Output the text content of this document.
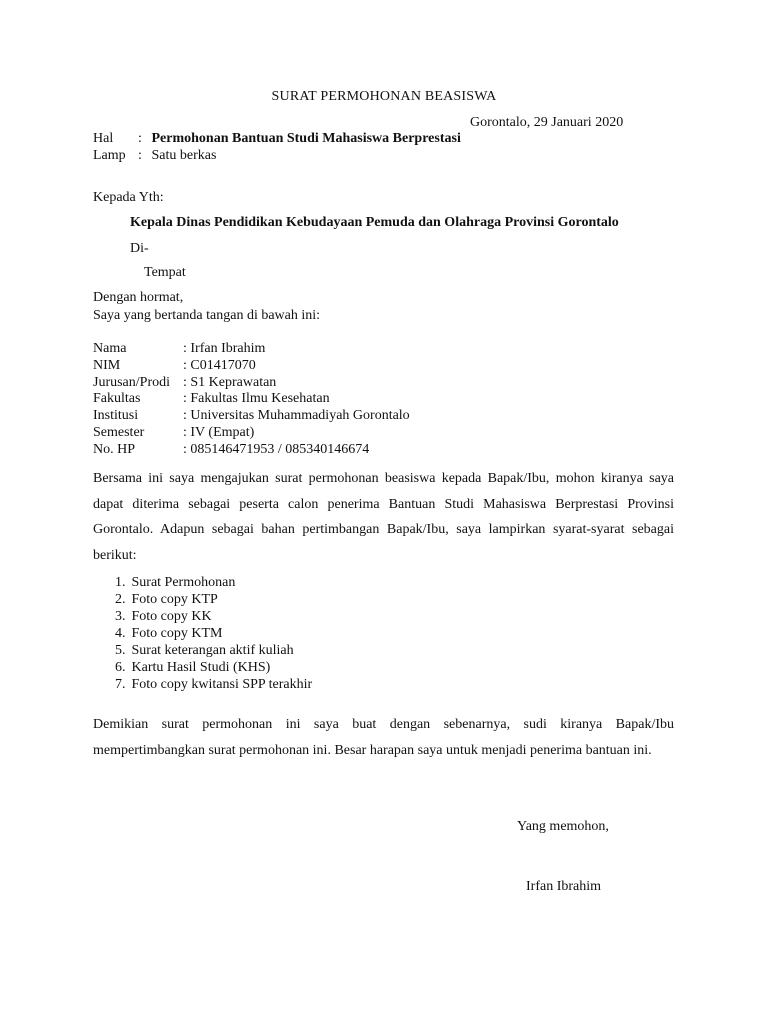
SURAT PERMOHONAN BEASISWA
Gorontalo, 29 Januari 2020
Hal : Permohonan Bantuan Studi Mahasiswa Berprestasi
Lamp : Satu berkas
Kepada Yth:
Kepala Dinas Pendidikan Kebudayaan Pemuda dan Olahraga Provinsi Gorontalo
Di-
Tempat
Dengan hormat,
Saya yang bertanda tangan di bawah ini:
Nama	: Irfan Ibrahim
NIM	: C01417070
Jurusan/Prodi : S1 Keprawatan
Fakultas	: Fakultas Ilmu Kesehatan
Institusi	: Universitas Muhammadiyah Gorontalo
Semester	: IV (Empat)
No. HP	: 085146471953 / 085340146674
Bersama ini saya mengajukan surat permohonan beasiswa kepada Bapak/Ibu, mohon kiranya saya dapat diterima sebagai peserta calon penerima Bantuan Studi Mahasiswa Berprestasi Provinsi Gorontalo. Adapun sebagai bahan pertimbangan Bapak/Ibu, saya lampirkan syarat-syarat sebagai berikut:
1. Surat Permohonan
2. Foto copy KTP
3. Foto copy KK
4. Foto copy KTM
5. Surat keterangan aktif kuliah
6. Kartu Hasil Studi (KHS)
7. Foto copy kwitansi SPP terakhir
Demikian surat permohonan ini saya buat dengan sebenarnya, sudi kiranya Bapak/Ibu mempertimbangkan surat permohonan ini. Besar harapan saya untuk menjadi penerima bantuan ini.
Yang memohon,
Irfan Ibrahim
